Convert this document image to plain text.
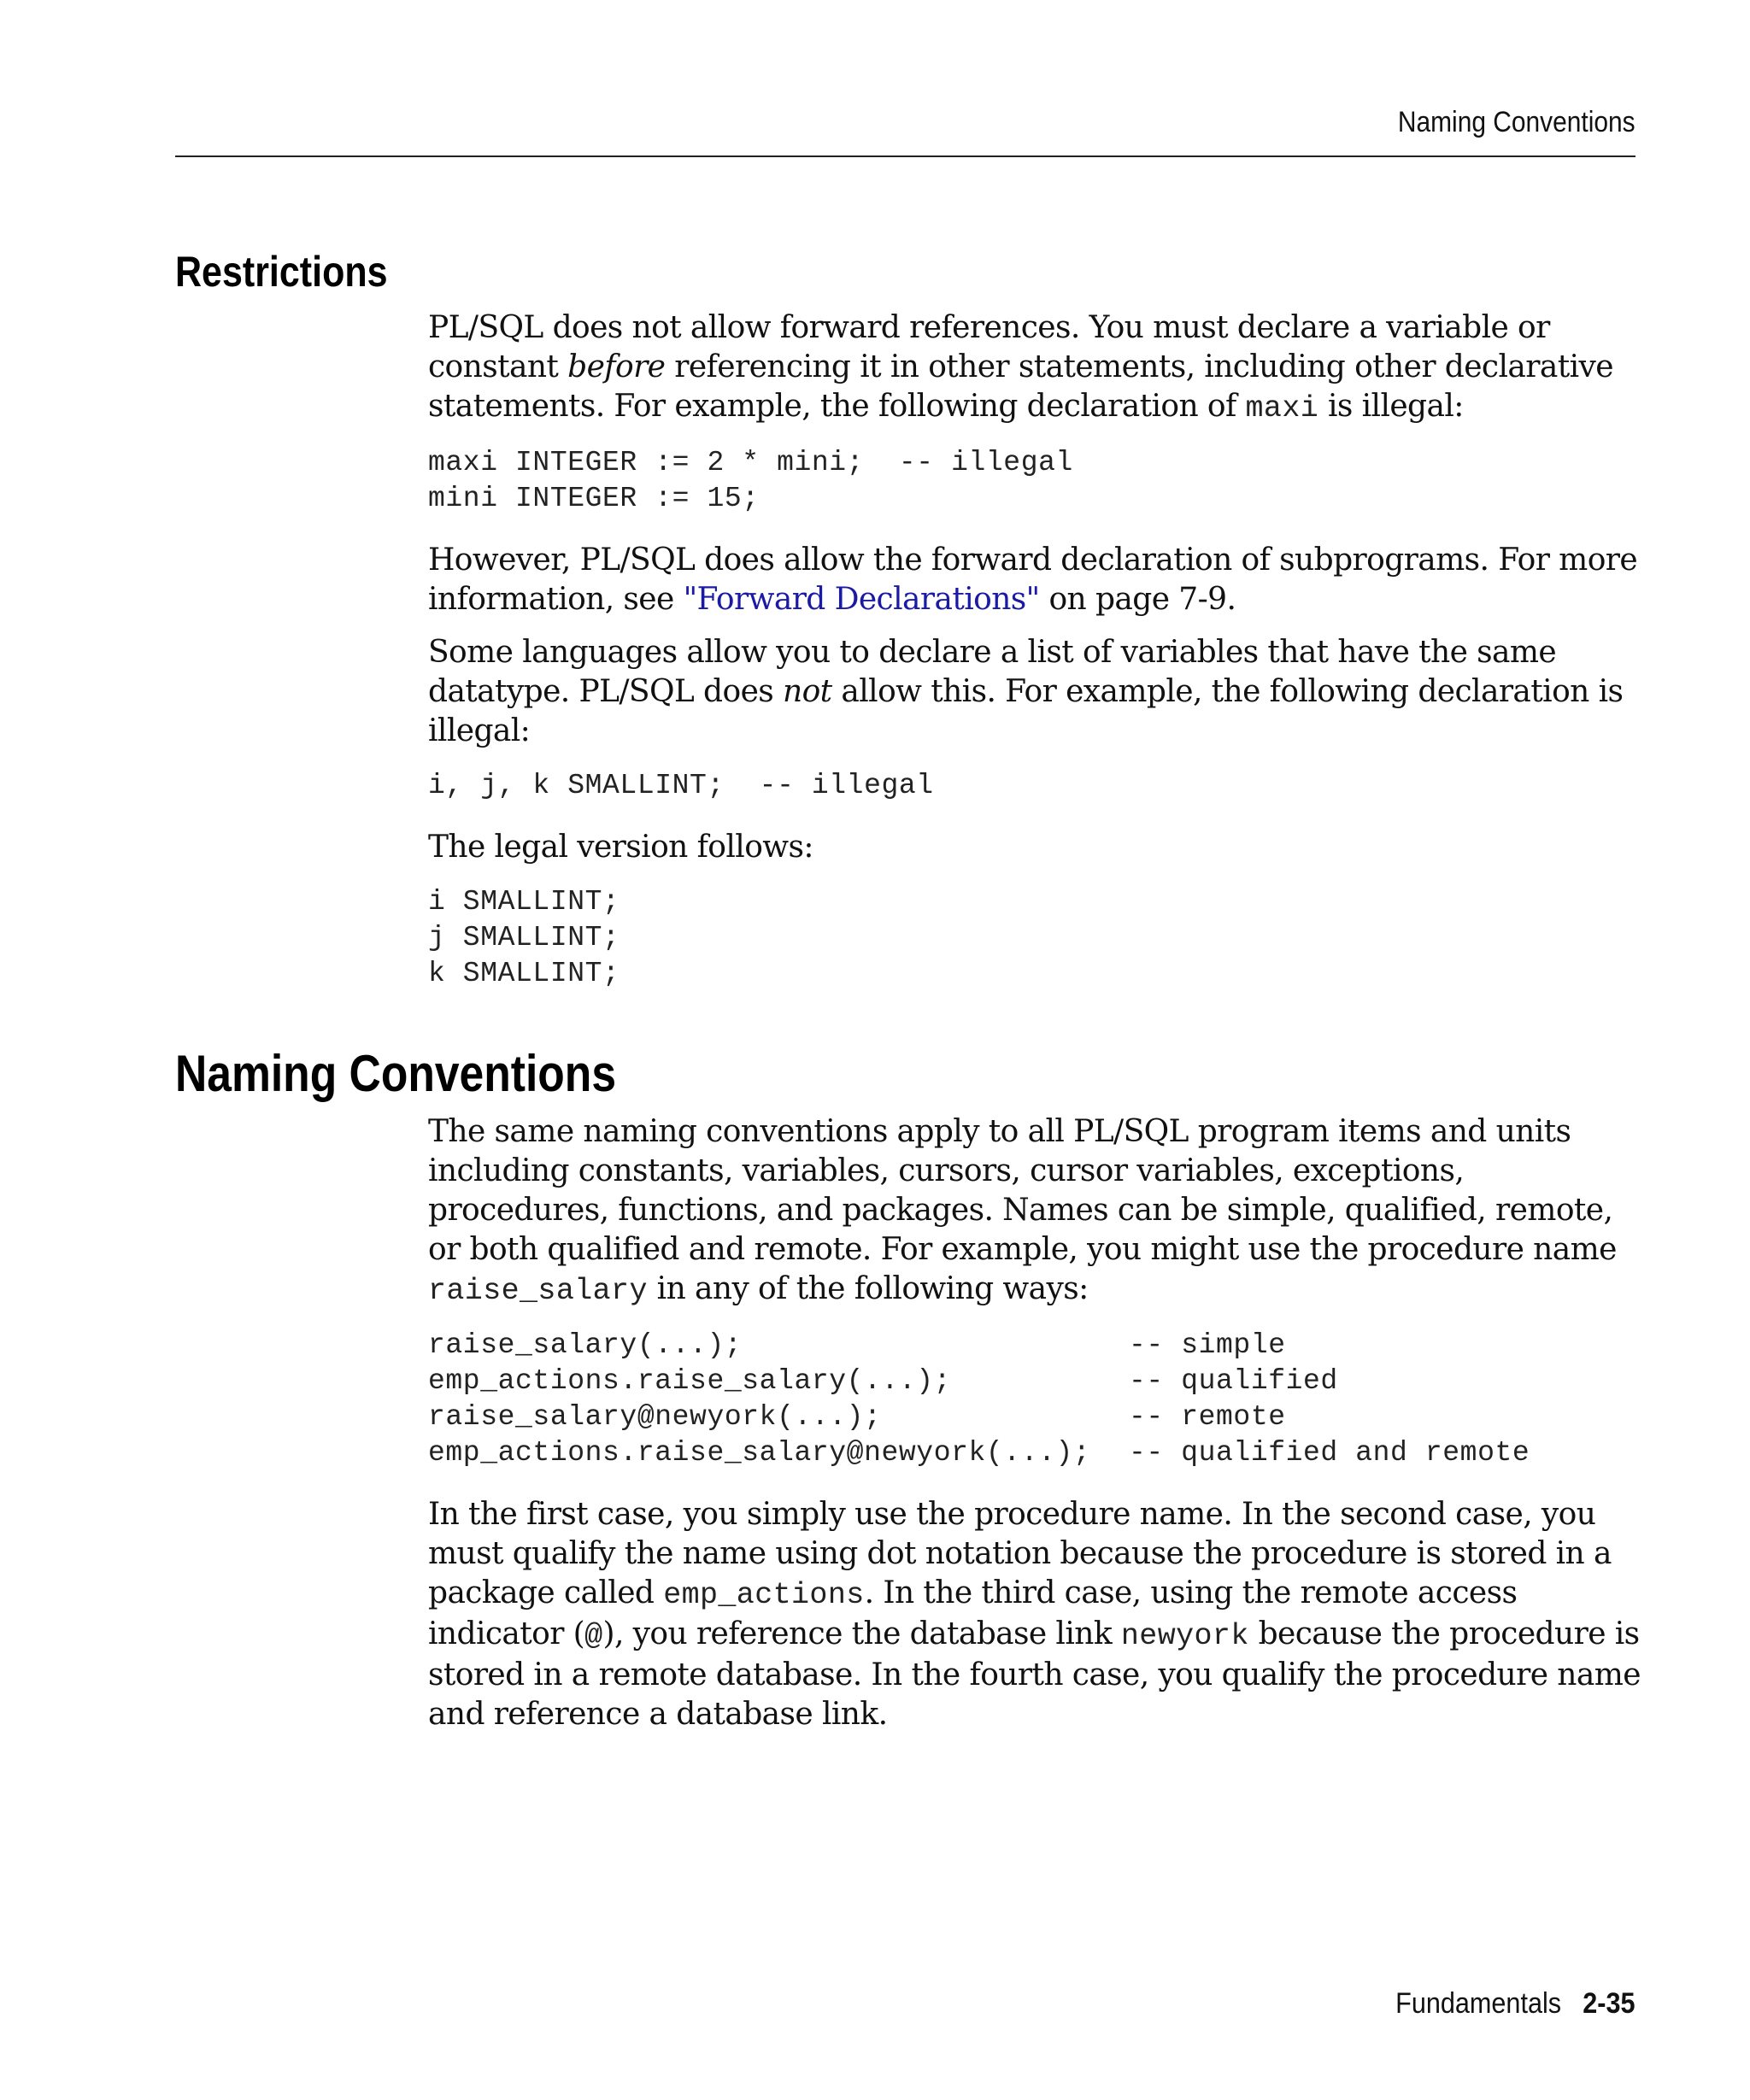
Naming Conventions
Restrictions

PL/SQL does not allow forward references. You must declare a variable or constant before referencing it in other statements, including other declarative statements. For example, the following declaration of maxi is illegal:

maxi INTEGER := 2 * mini;  -- illegal
mini INTEGER := 15;

However, PL/SQL does allow the forward declaration of subprograms. For more information, see "Forward Declarations" on page 7-9.

Some languages allow you to declare a list of variables that have the same datatype. PL/SQL does not allow this. For example, the following declaration is illegal:

i, j, k SMALLINT;  -- illegal

The legal version follows:

i SMALLINT;
j SMALLINT;
k SMALLINT;
Naming Conventions

The same naming conventions apply to all PL/SQL program items and units including constants, variables, cursors, cursor variables, exceptions, procedures, functions, and packages. Names can be simple, qualified, remote, or both qualified and remote. For example, you might use the procedure name raise_salary in any of the following ways:

raise_salary(...);	-- simple
emp_actions.raise_salary(...);	-- qualified
raise_salary@newyork(...);	-- remote
emp_actions.raise_salary@newyork(...);	-- qualified and remote

In the first case, you simply use the procedure name. In the second case, you must qualify the name using dot notation because the procedure is stored in a package called emp_actions. In the third case, using the remote access indicator (@), you reference the database link newyork because the procedure is stored in a remote database. In the fourth case, you qualify the procedure name and reference a database link.

Fundamentals 2-35
